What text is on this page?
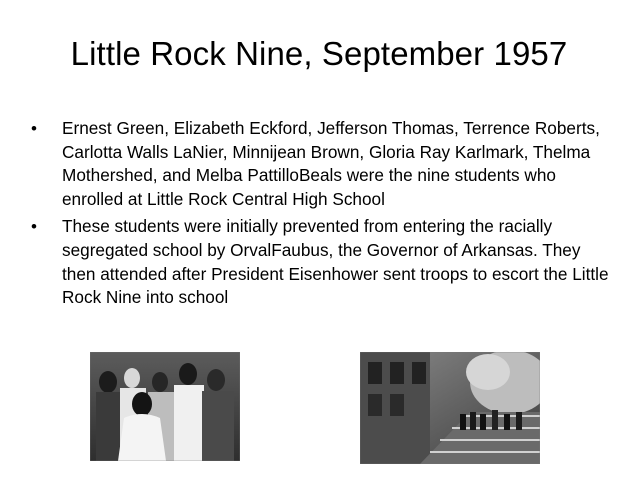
Little Rock Nine, September 1957
•	Ernest Green, Elizabeth Eckford, Jefferson Thomas, Terrence Roberts, Carlotta Walls LaNier, Minnijean Brown, Gloria Ray Karlmark, Thelma Mothershed, and Melba PattilloBeals were the nine students who enrolled at Little Rock Central High School
•	These students were initially prevented from entering the racially segregated school by OrvalFaubus, the Governor of Arkansas. They then attended after President Eisenhower sent troops to escort the Little Rock Nine into school
